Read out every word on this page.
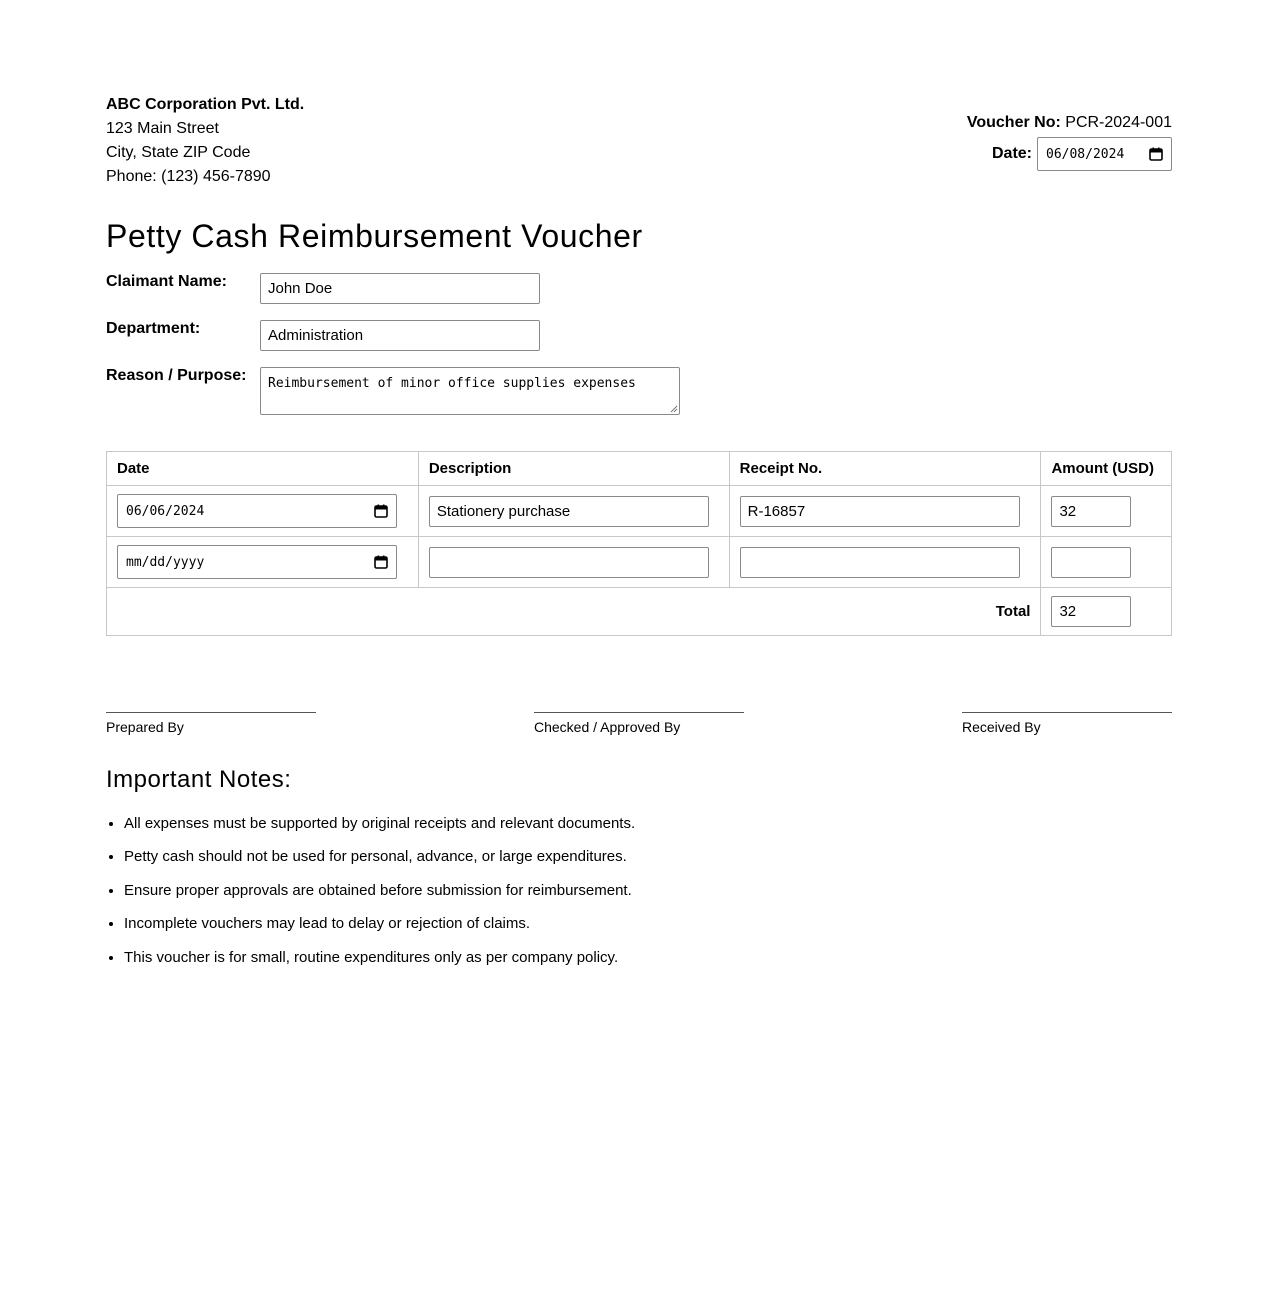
ABC Corporation Pvt. Ltd.
123 Main Street
City, State ZIP Code
Phone: (123) 456-7890
Voucher No: PCR-2024-001
Date: 06/08/2024
Petty Cash Reimbursement Voucher
Claimant Name:	John Doe
Department:	Administration
Reason / Purpose:	Reimbursement of minor office supplies expenses
Date	Description	Receipt No.	Amount (USD)

06/06/2024	Stationery purchase	R-16857	32

mm/dd/yyyy			

Total			32
Prepared By	Checked / Approved By	Received By
Important Notes:
• All expenses must be supported by original receipts and relevant documents.
• Petty cash should not be used for personal, advance, or large expenditures.
• Ensure proper approvals are obtained before submission for reimbursement.
• Incomplete vouchers may lead to delay or rejection of claims.
• This voucher is for small, routine expenditures only as per company policy.
